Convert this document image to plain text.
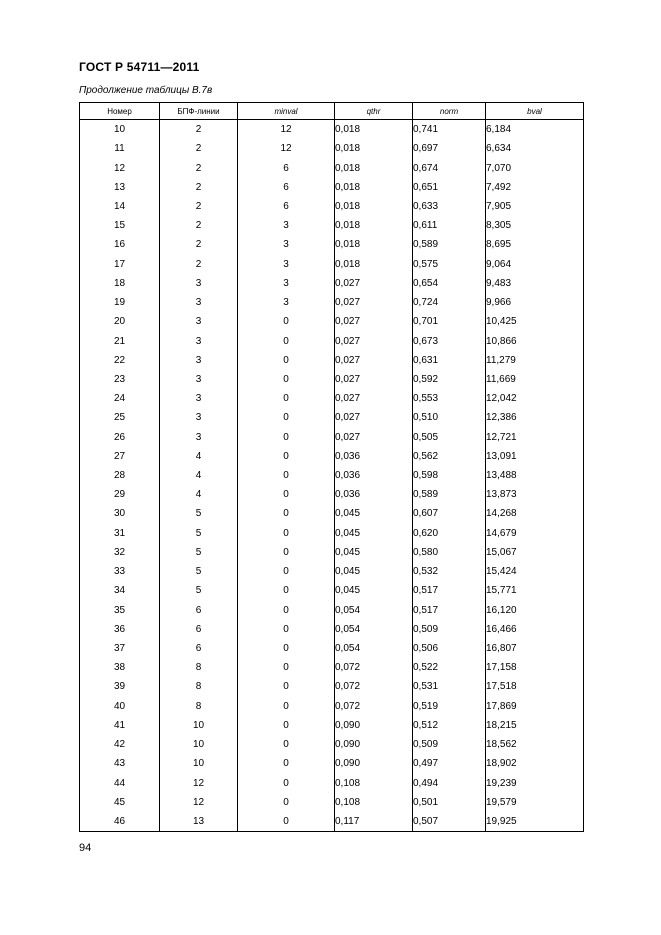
ГОСТ Р 54711—2011
Продолжение таблицы В.7в
Номер	БПФ-линии	minval	qthr	norm	bval
10	2	12	0,018	0,741	6,184
11	2	12	0,018	0,697	6,634
12	2	6	0,018	0,674	7,070
13	2	6	0,018	0,651	7,492
14	2	6	0,018	0,633	7,905
15	2	3	0,018	0,611	8,305
16	2	3	0,018	0,589	8,695
17	2	3	0,018	0,575	9,064
18	3	3	0,027	0,654	9,483
19	3	3	0,027	0,724	9,966
20	3	0	0,027	0,701	10,425
21	3	0	0,027	0,673	10,866
22	3	0	0,027	0,631	11,279
23	3	0	0,027	0,592	11,669
24	3	0	0,027	0,553	12,042
25	3	0	0,027	0,510	12,386
26	3	0	0,027	0,505	12,721
27	4	0	0,036	0,562	13,091
28	4	0	0,036	0,598	13,488
29	4	0	0,036	0,589	13,873
30	5	0	0,045	0,607	14,268
31	5	0	0,045	0,620	14,679
32	5	0	0,045	0,580	15,067
33	5	0	0,045	0,532	15,424
34	5	0	0,045	0,517	15,771
35	6	0	0,054	0,517	16,120
36	6	0	0,054	0,509	16,466
37	6	0	0,054	0,506	16,807
38	8	0	0,072	0,522	17,158
39	8	0	0,072	0,531	17,518
40	8	0	0,072	0,519	17,869
41	10	0	0,090	0,512	18,215
42	10	0	0,090	0,509	18,562
43	10	0	0,090	0,497	18,902
44	12	0	0,108	0,494	19,239
45	12	0	0,108	0,501	19,579
46	13	0	0,117	0,507	19,925
94
